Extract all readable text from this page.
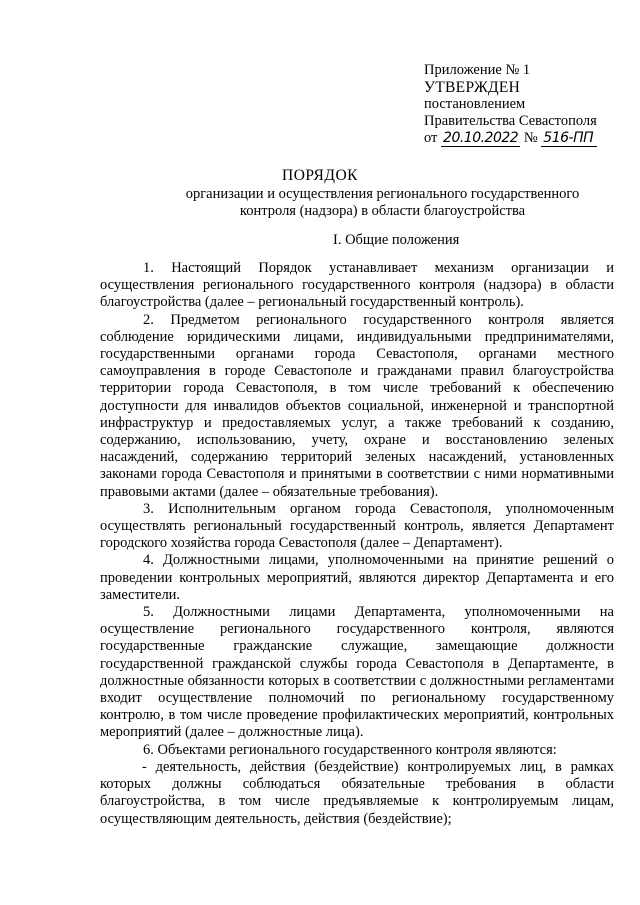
Приложение № 1
УТВЕРЖДЕН
постановлением
Правительства Севастополя
от 20.10.2022 № 516-ПП
ПОРЯДОК
организации и осуществления регионального государственного контроля (надзора) в области благоустройства
I. Общие положения

1. Настоящий Порядок устанавливает механизм организации и осуществления регионального государственного контроля (надзора) в области благоустройства (далее – региональный государственный контроль).

2. Предметом регионального государственного контроля является соблюдение юридическими лицами, индивидуальными предпринимателями, государственными органами города Севастополя, органами местного самоуправления в городе Севастополе и гражданами правил благоустройства территории города Севастополя, в том числе требований к обеспечению доступности для инвалидов объектов социальной, инженерной и транспортной инфраструктур и предоставляемых услуг, а также требований к созданию, содержанию, использованию, учету, охране и восстановлению зеленых насаждений, содержанию территорий зеленых насаждений, установленных законами города Севастополя и принятыми в соответствии с ними нормативными правовыми актами (далее – обязательные требования).

3. Исполнительным органом города Севастополя, уполномоченным осуществлять региональный государственный контроль, является Департамент городского хозяйства города Севастополя (далее – Департамент).

4. Должностными лицами, уполномоченными на принятие решений о проведении контрольных мероприятий, являются директор Департамента и его заместители.

5. Должностными лицами Департамента, уполномоченными на осуществление регионального государственного контроля, являются государственные гражданские служащие, замещающие должности государственной гражданской службы города Севастополя в Департаменте, в должностные обязанности которых в соответствии с должностными регламентами входит осуществление полномочий по региональному государственному контролю, в том числе проведение профилактических мероприятий, контрольных мероприятий (далее – должностные лица).

6. Объектами регионального государственного контроля являются:

- деятельность, действия (бездействие) контролируемых лиц, в рамках которых должны соблюдаться обязательные требования в области благоустройства, в том числе предъявляемые к контролируемым лицам, осуществляющим деятельность, действия (бездействие);
